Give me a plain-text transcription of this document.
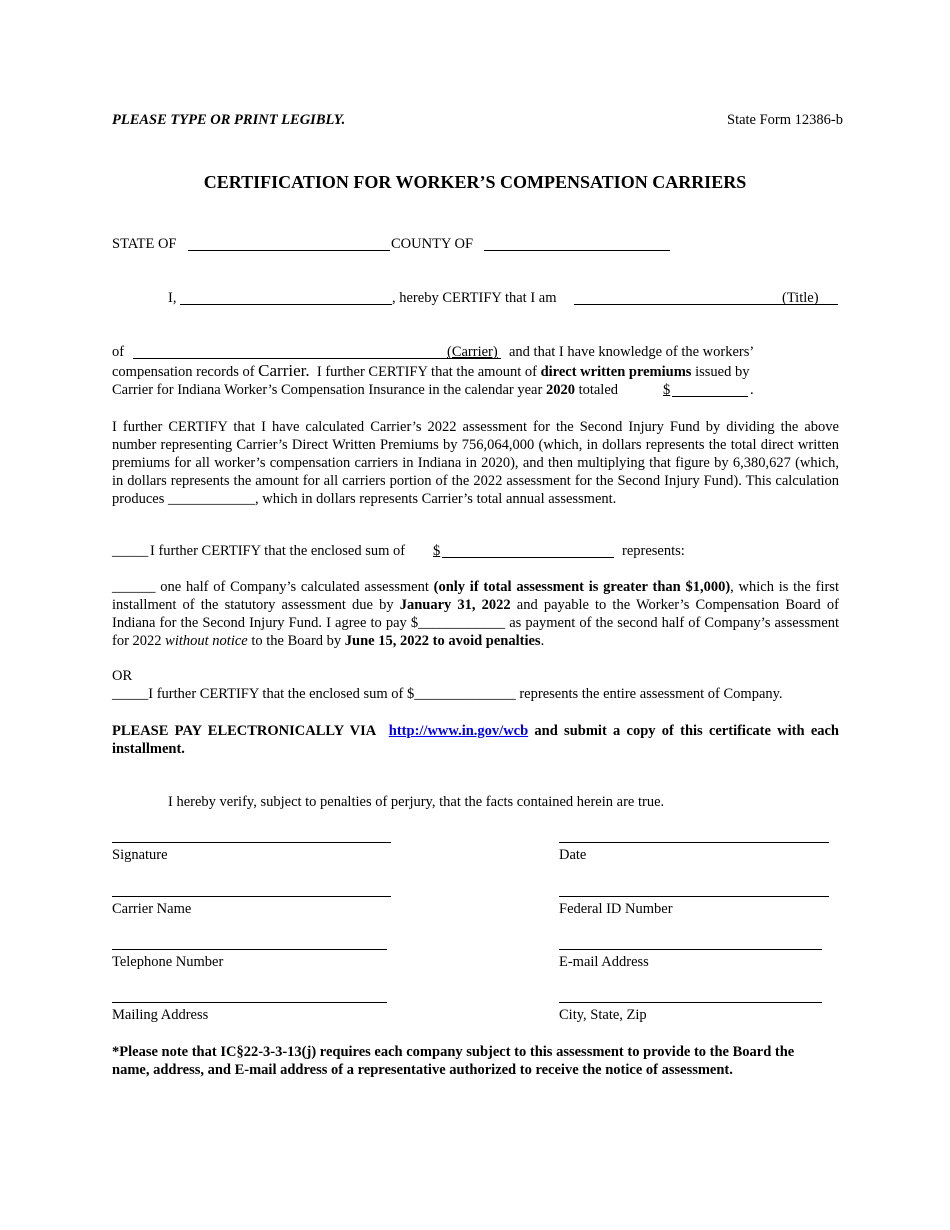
PLEASE TYPE OR PRINT LEGIBLY.	State Form 12386-b
CERTIFICATION FOR WORKER’S COMPENSATION CARRIERS
STATE OF	COUNTY OF
I,	, hereby CERTIFY that I am	(Title)
of	(Carrier) and that I have knowledge of the workers’
compensation records of Carrier. I further CERTIFY that the amount of direct written premiums issued by
Carrier for Indiana Worker’s Compensation Insurance in the calendar year 2020 totaled	$	.
I further CERTIFY that I have calculated Carrier’s 2022 assessment for the Second Injury Fund by dividing the above number representing Carrier’s Direct Written Premiums by 756,064,000 (which, in dollars represents the total direct written premiums for all worker’s compensation carriers in Indiana in 2020), and then multiplying that figure by 6,380,627 (which, in dollars represents the amount for all carriers portion of the 2022 assessment for the Second Injury Fund). This calculation produces ____________, which in dollars represents Carrier’s total annual assessment.
_____ I further CERTIFY that the enclosed sum of $	represents:
______ one half of Company’s calculated assessment (only if total assessment is greater than $1,000), which is the first installment of the statutory assessment due by January 31, 2022 and payable to the Worker’s Compensation Board of Indiana for the Second Injury Fund. I agree to pay $____________ as payment of the second half of Company’s assessment for 2022 without notice to the Board by June 15, 2022 to avoid penalties.
OR
_____I further CERTIFY that the enclosed sum of $______________ represents the entire assessment of Company.
PLEASE PAY ELECTRONICALLY VIA http://www.in.gov/wcb and submit a copy of this certificate with each installment.
I hereby verify, subject to penalties of perjury, that the facts contained herein are true.
Signature	Date
Carrier Name	Federal ID Number
Telephone Number	E-mail Address
Mailing Address	City, State, Zip
*Please note that IC§22-3-3-13(j) requires each company subject to this assessment to provide to the Board the name, address, and E-mail address of a representative authorized to receive the notice of assessment.
